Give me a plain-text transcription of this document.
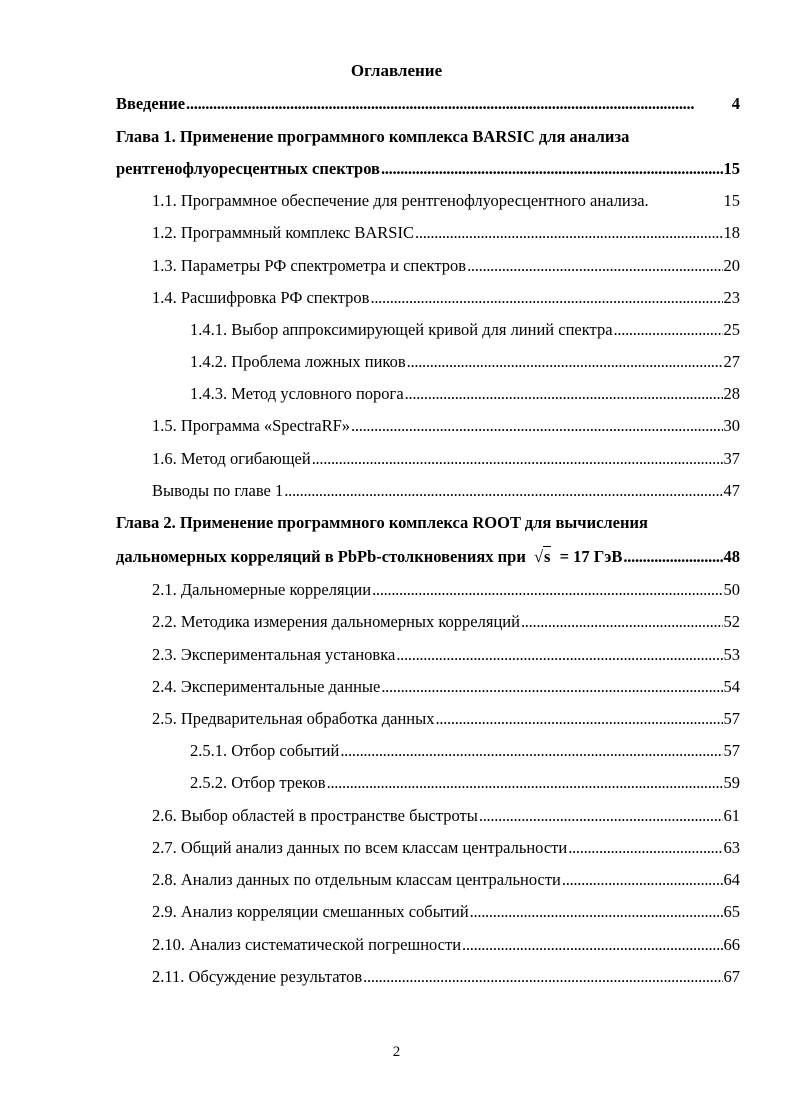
Оглавление
Введение . . .	4
Глава 1. Применение программного комплекса BARSIC для анализа
рентгенофлуоресцентных спектров . . .	15
1.1. Программное обеспечение для рентгенофлуоресцентного анализа.	15
1.2. Программный комплекс BARSIC . . .	18
1.3. Параметры РФ спектрометра и спектров . . .	20
1.4. Расшифровка РФ спектров . . .	23
1.4.1. Выбор аппроксимирующей кривой для линий спектра . . .	25
1.4.2. Проблема ложных пиков . . .	27
1.4.3. Метод условного порога . . .	28
1.5. Программа «SpectraRF» . . .	30
1.6. Метод огибающей . . .	37
Выводы по главе 1 . . .	47
Глава 2. Применение программного комплекса ROOT для вычисления
дальномерных корреляций в PbPb-столкновениях при √s = 17 ГэВ . . .	48
2.1. Дальномерные корреляции . . .	50
2.2. Методика измерения дальномерных корреляций . . .	52
2.3. Экспериментальная установка . . .	53
2.4. Экспериментальные данные . . .	54
2.5. Предварительная обработка данных . . .	57
2.5.1. Отбор событий . . .	57
2.5.2. Отбор треков . . .	59
2.6. Выбор областей в пространстве быстроты . . .	61
2.7. Общий анализ данных по всем классам центральности . . .	63
2.8. Анализ данных по отдельным классам центральности . . .	64
2.9. Анализ корреляции смешанных событий . . .	65
2.10. Анализ систематической погрешности . . .	66
2.11. Обсуждение результатов . . .	67
2
